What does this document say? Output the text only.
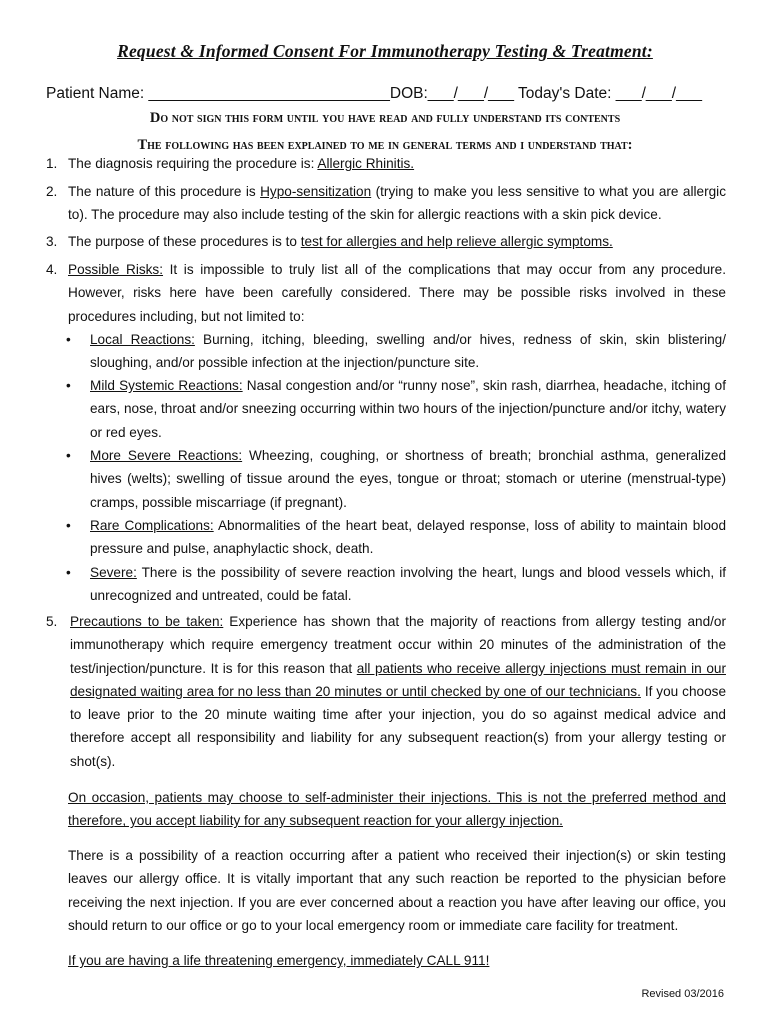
Request & Informed Consent For Immunotherapy Testing & Treatment:
Patient Name: ____________________________DOB:___/___/___ Today's Date: ___/___/___
Do not sign this form until you have read and fully understand its contents
The following has been explained to me in general terms and i understand that:
1. The diagnosis requiring the procedure is: Allergic Rhinitis.
2. The nature of this procedure is Hypo-sensitization (trying to make you less sensitive to what you are allergic to). The procedure may also include testing of the skin for allergic reactions with a skin pick device.
3. The purpose of these procedures is to test for allergies and help relieve allergic symptoms.
4. Possible Risks: It is impossible to truly list all of the complications that may occur from any procedure. However, risks here have been carefully considered. There may be possible risks involved in these procedures including, but not limited to:
• Local Reactions: Burning, itching, bleeding, swelling and/or hives, redness of skin, skin blistering/ sloughing, and/or possible infection at the injection/puncture site.
• Mild Systemic Reactions: Nasal congestion and/or “runny nose”, skin rash, diarrhea, headache, itching of ears, nose, throat and/or sneezing occurring within two hours of the injection/puncture and/or itchy, watery or red eyes.
• More Severe Reactions: Wheezing, coughing, or shortness of breath; bronchial asthma, generalized hives (welts); swelling of tissue around the eyes, tongue or throat; stomach or uterine (menstrual-type) cramps, possible miscarriage (if pregnant).
• Rare Complications: Abnormalities of the heart beat, delayed response, loss of ability to maintain blood pressure and pulse, anaphylactic shock, death.
• Severe: There is the possibility of severe reaction involving the heart, lungs and blood vessels which, if unrecognized and untreated, could be fatal.
5. Precautions to be taken: Experience has shown that the majority of reactions from allergy testing and/or immunotherapy which require emergency treatment occur within 20 minutes of the administration of the test/injection/puncture. It is for this reason that all patients who receive allergy injections must remain in our designated waiting area for no less than 20 minutes or until checked by one of our technicians. If you choose to leave prior to the 20 minute waiting time after your injection, you do so against medical advice and therefore accept all responsibility and liability for any subsequent reaction(s) from your allergy testing or shot(s).
On occasion, patients may choose to self-administer their injections. This is not the preferred method and therefore, you accept liability for any subsequent reaction for your allergy injection.
There is a possibility of a reaction occurring after a patient who received their injection(s) or skin testing leaves our allergy office. It is vitally important that any such reaction be reported to the physician before receiving the next injection. If you are ever concerned about a reaction you have after leaving our office, you should return to our office or go to your local emergency room or immediate care facility for treatment.
If you are having a life threatening emergency, immediately CALL 911!
Revised 03/2016
